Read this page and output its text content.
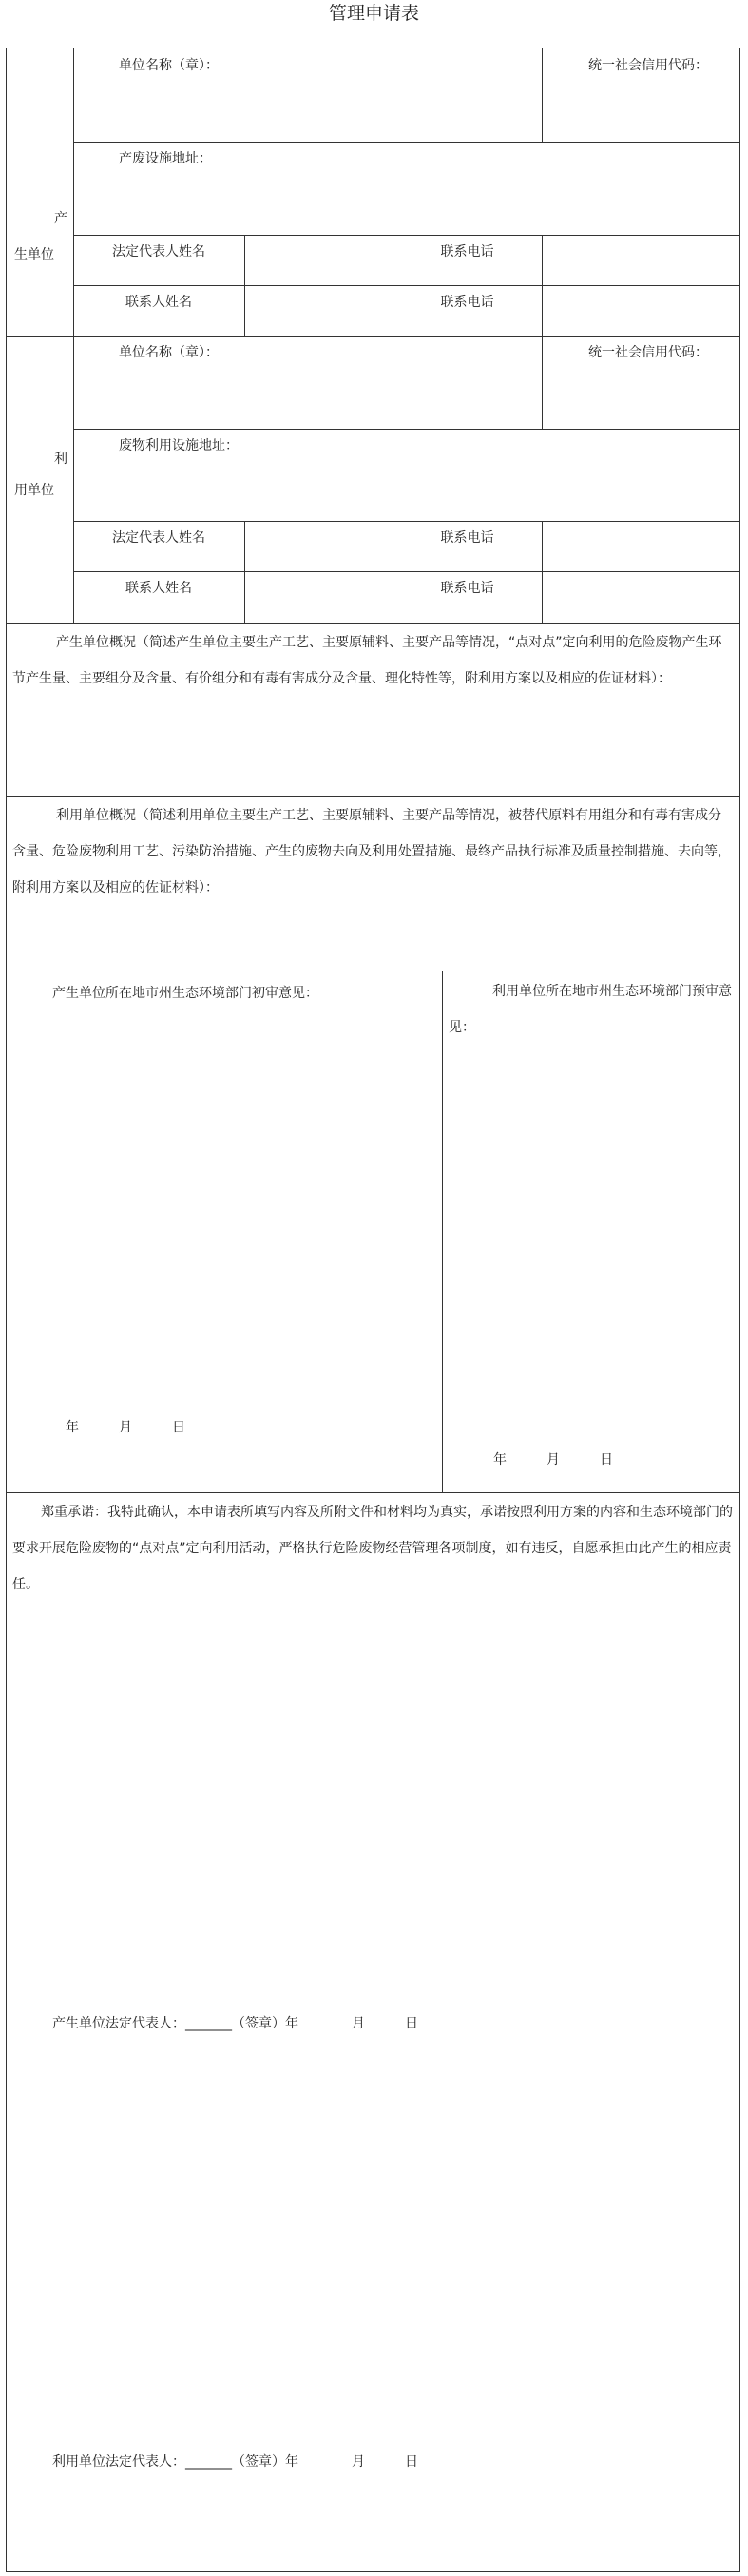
管理申请表
产
生单位
单位名称（章）：	统一社会信用代码：
产废设施地址：
法定代表人姓名	联系电话
联系人姓名	联系电话
利
用单位
单位名称（章）：	统一社会信用代码：
废物利用设施地址：
法定代表人姓名	联系电话
联系人姓名	联系电话
产生单位概况（简述产生单位主要生产工艺、主要原辅料、主要产品等情况，“点对点”定向利用的危险废物产生环节产生量、主要组分及含量、有价组分和有毒有害成分及含量、理化特性等，附利用方案以及相应的佐证材料）：
利用单位概况（简述利用单位主要生产工艺、主要原辅料、主要产品等情况，被替代原料有用组分和有毒有害成分含量、危险废物利用工艺、污染防治措施、产生的废物去向及利用处置措施、最终产品执行标准及质量控制措施、去向等，附利用方案以及相应的佐证材料）：
产生单位所在地市州生态环境部门初审意见：
年　　　月　　　日
利用单位所在地市州生态环境部门预审意见：
年　　　月　　　日
郑重承诺：我特此确认，本申请表所填写内容及所附文件和材料均为真实，承诺按照利用方案的内容和生态环境部门的要求开展危险废物的“点对点”定向利用活动，严格执行危险废物经营管理各项制度，如有违反，自愿承担由此产生的相应责任。
产生单位法定代表人：_______（签章）年　　　　月　　　日
利用单位法定代表人：_______（签章）年　　　　月　　　日
